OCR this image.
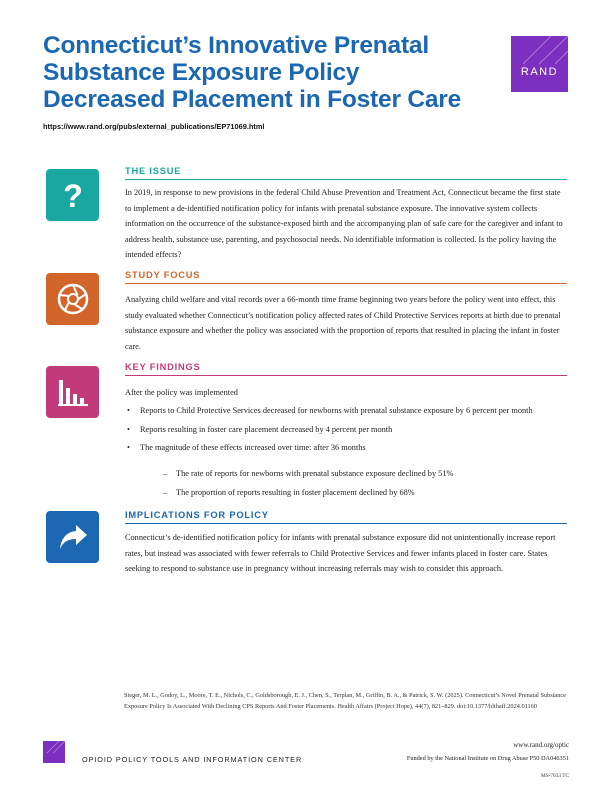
Connecticut’s Innovative Prenatal
Substance Exposure Policy
Decreased Placement in Foster Care
https://www.rand.org/pubs/external_publications/EP71069.html
RAND
?
THE ISSUE

In 2019, in response to new provisions in the federal Child Abuse Prevention and Treatment Act, Connecticut became the first state to implement a de-identified notification policy for infants with prenatal substance exposure. The innovative system collects information on the occurrence of the substance-exposed birth and the accompanying plan of safe care for the caregiver and infant to address health, substance use, parenting, and psychosocial needs. No identifiable information is collected. Is the policy having the intended effects?

STUDY FOCUS

Analyzing child welfare and vital records over a 66-month time frame beginning two years before the policy went into effect, this study evaluated whether Connecticut’s notification policy affected rates of Child Protective Services reports at birth due to prenatal substance exposure and whether the policy was associated with the proportion of reports that resulted in placing the infant in foster care.

KEY FINDINGS

After the policy was implemented

• Reports to Child Protective Services decreased for newborns with prenatal substance exposure by 6 percent per month
• Reports resulting in foster care placement decreased by 4 percent per month
• The magnitude of these effects increased over time: after 36 months
– The rate of reports for newborns with prenatal substance exposure declined by 51%
– The proportion of reports resulting in foster placement declined by 68%
IMPLICATIONS FOR POLICY

Connecticut’s de-identified notification policy for infants with prenatal substance exposure did not unintentionally increase report rates, but instead was associated with fewer referrals to Child Protective Services and fewer infants placed in foster care. States seeking to respond to substance use in pregnancy without increasing referrals may wish to consider this approach.

Sieger, M. L., Godoy, L., Moore, T. E., Nichols, C., Goldsborough, E. J., Chen, S., Terplan, M., Griffin, B. A., & Patrick, S. W. (2025). Connecticut’s Novel Prenatal Substance Exposure Policy Is Associated With Declining CPS Reports And Foster Placements. Health Affairs (Project Hope), 44(7), 821–829. doi:10.1377/hlthaff.2024.01160

RAND OPIOID POLICY TOOLS AND INFORMATION CENTER
www.rand.org/optic
Funded by the National Institute on Drug Abuse P50 DA046351
MS-7033 TC
